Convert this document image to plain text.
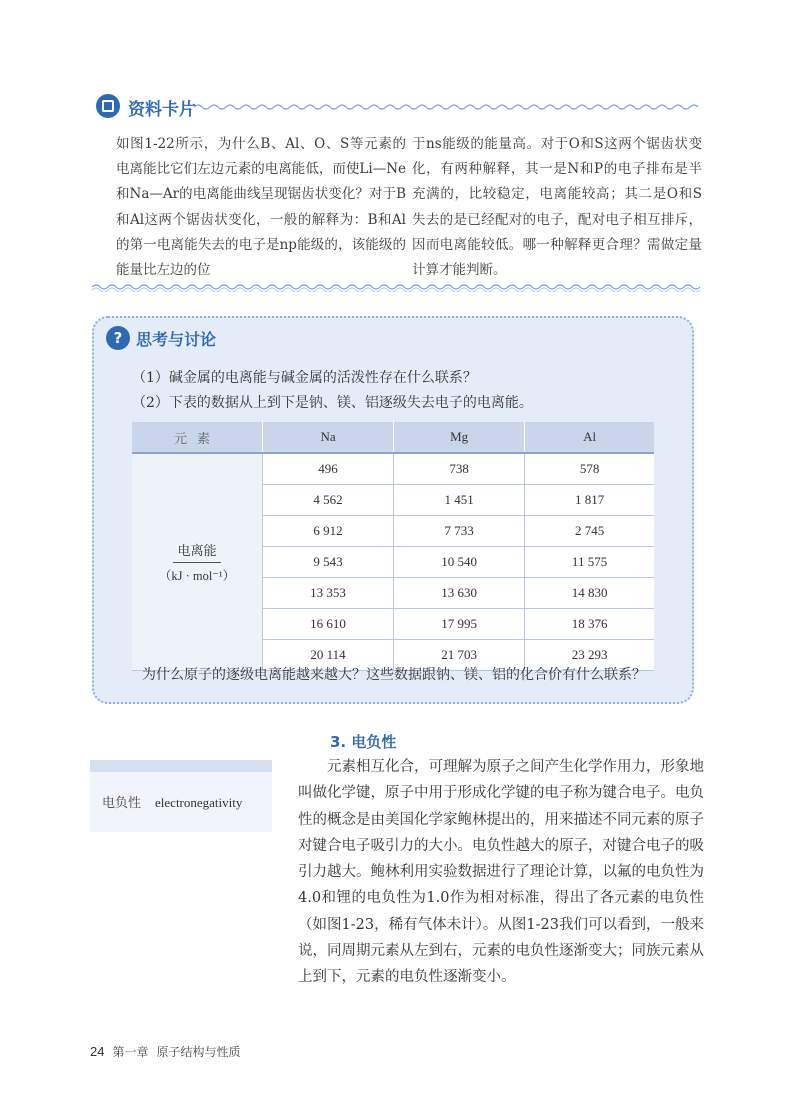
资料卡片
如图1-22所示，为什么B、Al、O、S等元素的电离能比它们左边元素的电离能低，而使Li—Ne和Na—Ar的电离能曲线呈现锯齿状变化？对于B和Al这两个锯齿状变化，一般的解释为：B和Al的第一电离能失去的电子是np能级的，该能级的能量比左边的位
于ns能级的能量高。对于O和S这两个锯齿状变化，有两种解释，其一是N和P的电子排布是半充满的，比较稳定，电离能较高；其二是O和S失去的是已经配对的电子，配对电子相互排斥，因而电离能较低。哪一种解释更合理？需做定量计算才能判断。
? 思考与讨论
（1）碱金属的电离能与碱金属的活泼性存在什么联系？
（2）下表的数据从上到下是钠、镁、铝逐级失去电子的电离能。
元素	Na	Mg	Al
电离能
（kJ · mol⁻¹）	496	738	578
	4 562	1 451	1 817
	6 912	7 733	2 745
	9 543	10 540	11 575
	13 353	13 630	14 830
	16 610	17 995	18 376
	20 114	21 703	23 293
为什么原子的逐级电离能越来越大？这些数据跟钠、镁、铝的化合价有什么联系？
电负性 electronegativity
3. 电负性
元素相互化合，可理解为原子之间产生化学作用力，形象地叫做化学键，原子中用于形成化学键的电子称为键合电子。电负性的概念是由美国化学家鲍林提出的，用来描述不同元素的原子对键合电子吸引力的大小。电负性越大的原子，对键合电子的吸引力越大。鲍林利用实验数据进行了理论计算，以氟的电负性为4.0和锂的电负性为1.0作为相对标准，得出了各元素的电负性（如图1-23，稀有气体未计）。从图1-23我们可以看到，一般来说，同周期元素从左到右，元素的电负性逐渐变大；同族元素从上到下，元素的电负性逐渐变小。
24 第一章 原子结构与性质
